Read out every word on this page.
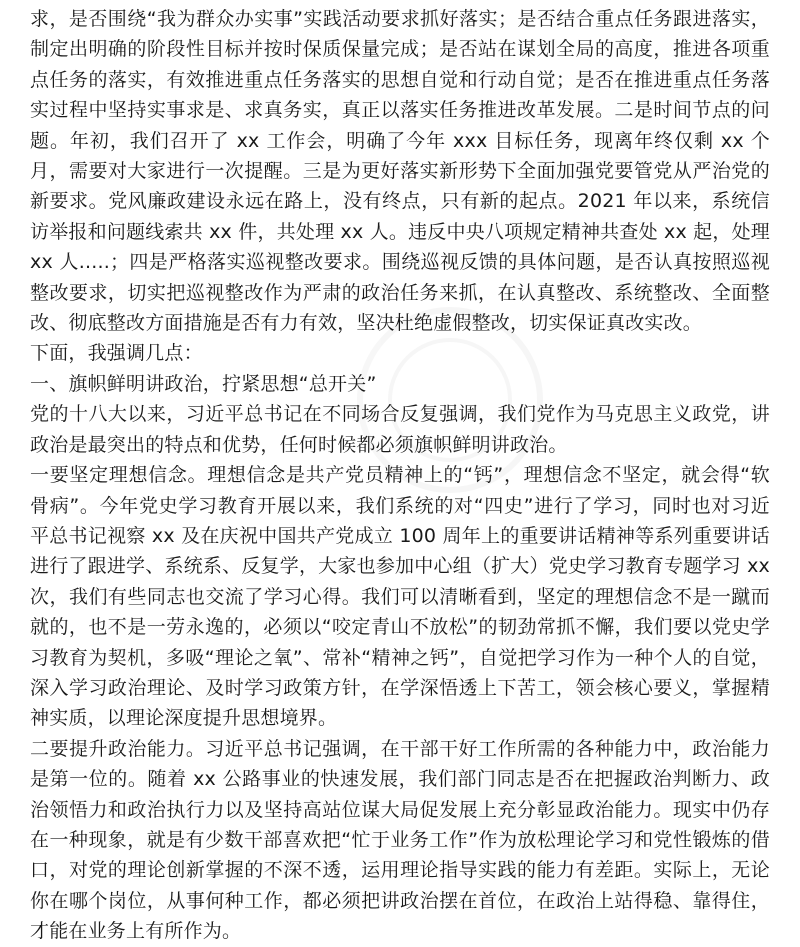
求，是否围绕“我为群众办实事”实践活动要求抓好落实；是否结合重点任务跟进落实，制定出明确的阶段性目标并按时保质保量完成；是否站在谋划全局的高度，推进各项重点任务的落实，有效推进重点任务落实的思想自觉和行动自觉；是否在推进重点任务落实过程中坚持实事求是、求真务实，真正以落实任务推进改革发展。二是时间节点的问题。年初，我们召开了 xx 工作会，明确了今年 xxx 目标任务，现离年终仅剩 xx 个月，需要对大家进行一次提醒。三是为更好落实新形势下全面加强党要管党从严治党的新要求。党风廉政建设永远在路上，没有终点，只有新的起点。2021 年以来，系统信访举报和问题线索共 xx 件，共处理 xx 人。违反中央八项规定精神共查处 xx 起，处理 xx 人.....；四是严格落实巡视整改要求。围绕巡视反馈的具体问题，是否认真按照巡视整改要求，切实把巡视整改作为严肃的政治任务来抓，在认真整改、系统整改、全面整改、彻底整改方面措施是否有力有效，坚决杜绝虚假整改，切实保证真改实改。

下面，我强调几点：

一、旗帜鲜明讲政治，拧紧思想“总开关”

党的十八大以来，习近平总书记在不同场合反复强调，我们党作为马克思主义政党，讲政治是最突出的特点和优势，任何时候都必须旗帜鲜明讲政治。

一要坚定理想信念。理想信念是共产党员精神上的“钙”，理想信念不坚定，就会得“软骨病”。今年党史学习教育开展以来，我们系统的对“四史”进行了学习，同时也对习近平总书记视察 xx 及在庆祝中国共产党成立 100 周年上的重要讲话精神等系列重要讲话进行了跟进学、系统系、反复学，大家也参加中心组（扩大）党史学习教育专题学习 xx 次，我们有些同志也交流了学习心得。我们可以清晰看到，坚定的理想信念不是一蹴而就的，也不是一劳永逸的，必须以“咬定青山不放松”的韧劲常抓不懈，我们要以党史学习教育为契机，多吸“理论之氧”、常补“精神之钙”，自觉把学习作为一种个人的自觉，深入学习政治理论、及时学习政策方针，在学深悟透上下苦工，领会核心要义，掌握精神实质，以理论深度提升思想境界。

二要提升政治能力。习近平总书记强调，在干部干好工作所需的各种能力中，政治能力是第一位的。随着 xx 公路事业的快速发展，我们部门同志是否在把握政治判断力、政治领悟力和政治执行力以及坚持高站位谋大局促发展上充分彰显政治能力。现实中仍存在一种现象，就是有少数干部喜欢把“忙于业务工作”作为放松理论学习和党性锻炼的借口，对党的理论创新掌握的不深不透，运用理论指导实践的能力有差距。实际上，无论你在哪个岗位，从事何种工作，都必须把讲政治摆在首位，在政治上站得稳、靠得住，才能在业务上有所作为。
